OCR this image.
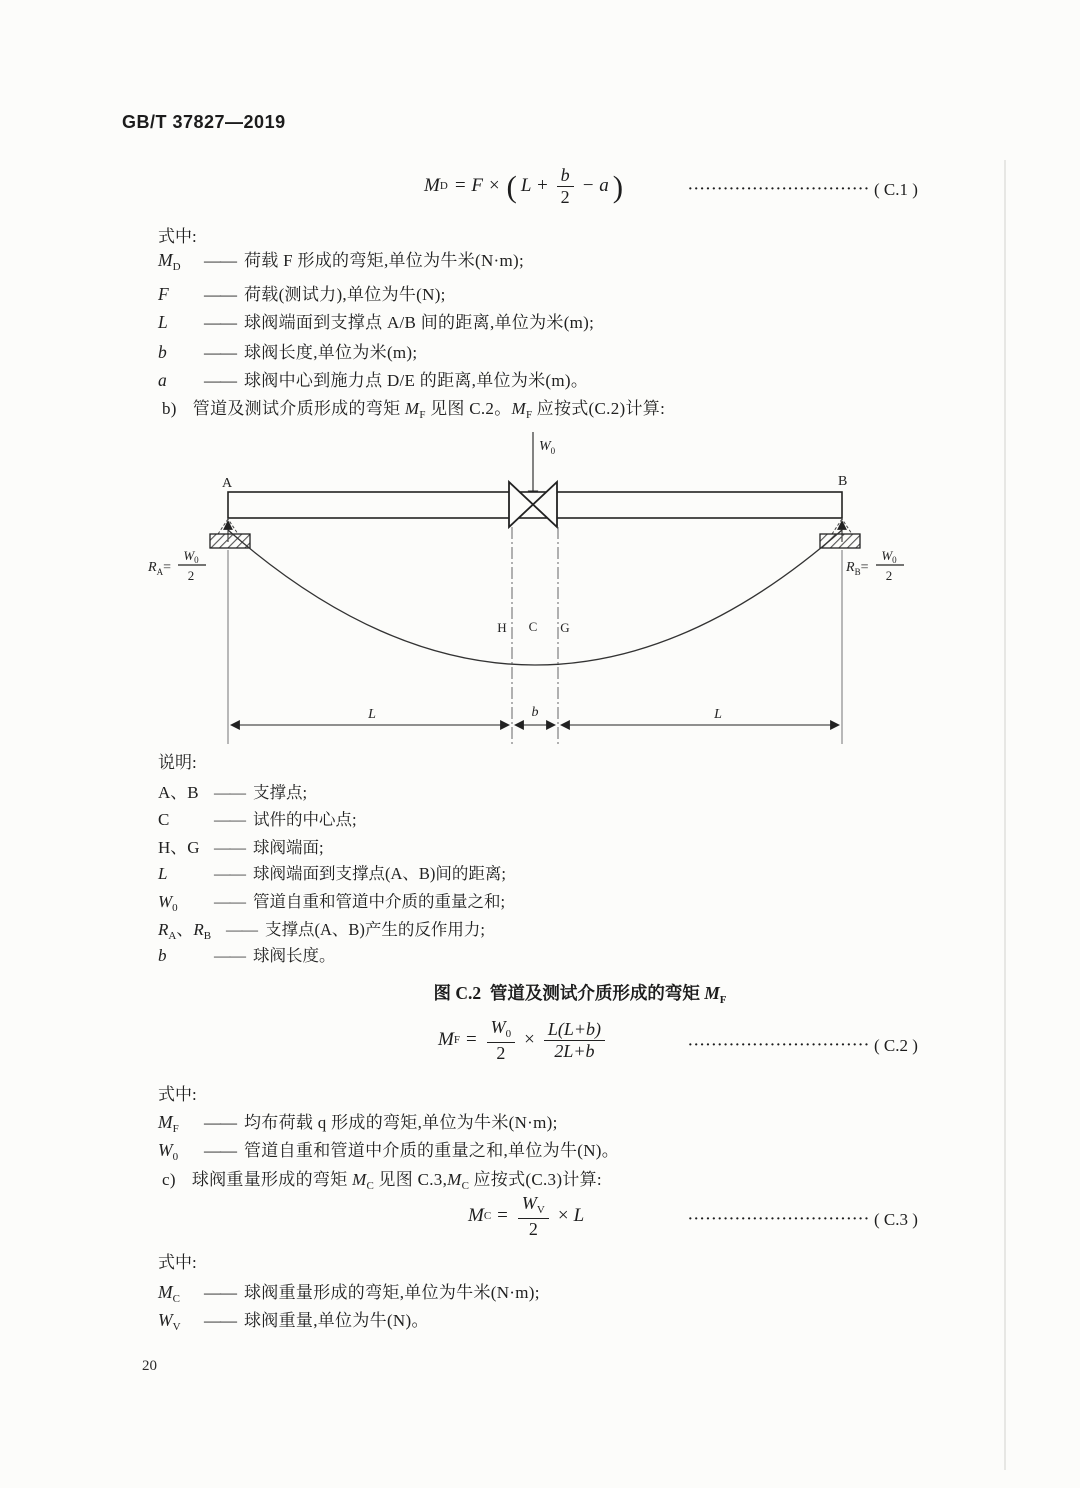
GB/T 37827—2019
M D = F × ( $L + \frac{b}{2} - a$ )	······························· ( C.1 )
式中:
$M_D$	—— 荷载 F 形成的弯矩,单位为牛米(N·m);
F	—— 荷载(测试力),单位为牛(N);
L	—— 球阀端面到支撑点 A/B 间的距离,单位为米(m);
b	—— 球阀长度,单位为米(m);
a	—— 球阀中心到施力点 D/E 的距离,单位为米(m)。
b) 管道及测试介质形成的弯矩 $M_F$ 见图 C.2。$M_F$ 应按式(C.2)计算:
$W_0$
A	B
$R_A=$
$W_0$
2
$R_B=$
$W_0$
2
H C G
L	b	L
说明:
A、B —— 支撑点;
C	—— 试件的中心点;
H、G —— 球阀端面;
L	—— 球阀端面到支撑点(A、B)间的距离;
$W_0$	—— 管道自重和管道中介质的重量之和;
$R_A$、$R_B$ —— 支撑点(A、B)产生的反作用力;
b	—— 球阀长度。
图 C.2 管道及测试介质形成的弯矩 $M_F$
M $F = \frac{W_0}{2} \times \frac{L(L+b)}{2L+b}$	······························· ( C.2 )
式中:
$M_F$	—— 均布荷载 q 形成的弯矩,单位为牛米(N·m);
$W_0$	—— 管道自重和管道中介质的重量之和,单位为牛(N)。
c) 球阀重量形成的弯矩 $M_C$ 见图 $C.3,M_C$ 应按式(C.3)计算:
M $C = \frac{W_V}{2} \times L$	······························· ( C.3 )
式中:
$M_C$	—— 球阀重量形成的弯矩,单位为牛米(N·m);
$W_V$	—— 球阀重量,单位为牛(N)。
20
